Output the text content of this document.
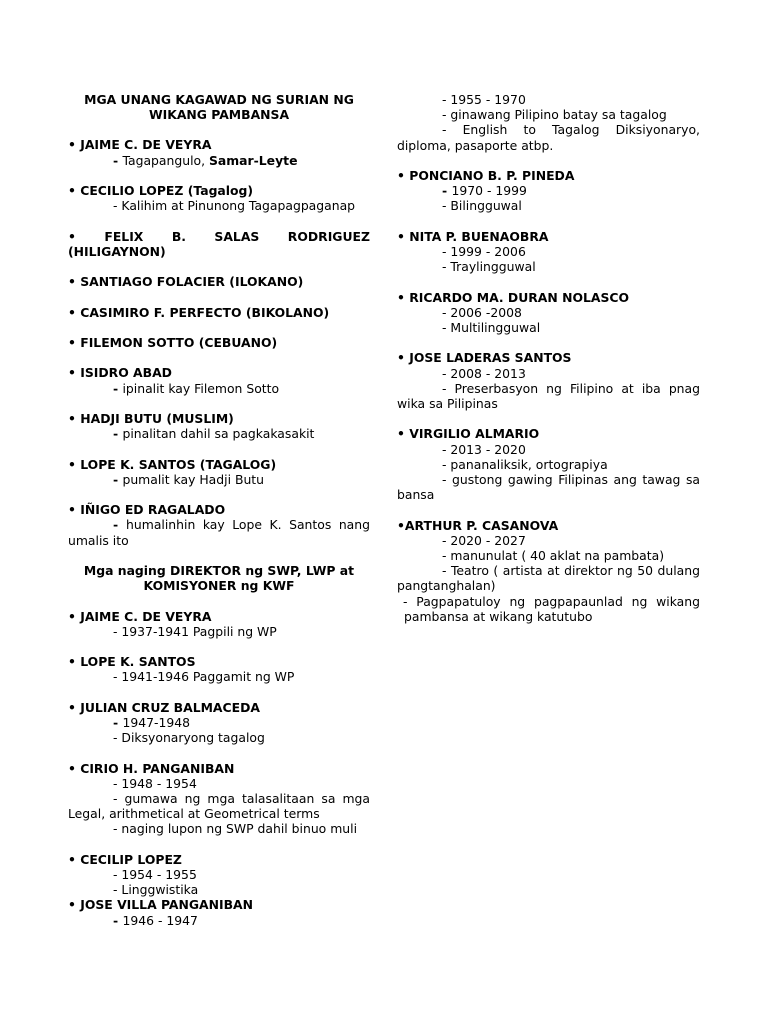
MGA UNANG KAGAWAD NG SURIAN NG
WIKANG PAMBANSA
• JAIME C. DE VEYRA
- Tagapangulo, Samar-Leyte
• CECILIO LOPEZ (Tagalog)
- Kalihim at Pinunong Tagapagpaganap
• FELIX B. SALAS RODRIGUEZ
(HILIGAYNON)
• SANTIAGO FOLACIER (ILOKANO)
• CASIMIRO F. PERFECTO (BIKOLANO)
• FILEMON SOTTO (CEBUANO)
• ISIDRO ABAD
- ipinalit kay Filemon Sotto
• HADJI BUTU (MUSLIM)
- pinalitan dahil sa pagkakasakit
• LOPE K. SANTOS (TAGALOG)
- pumalit kay Hadji Butu
• IÑIGO ED RAGALADO
- humalinhin kay Lope K. Santos nang umalis ito
Mga naging DIREKTOR ng SWP, LWP at
KOMISYONER ng KWF
• JAIME C. DE VEYRA
- 1937-1941 Pagpili ng WP
• LOPE K. SANTOS
- 1941-1946 Paggamit ng WP
• JULIAN CRUZ BALMACEDA
- 1947-1948
- Diksyonaryong tagalog
• CIRIO H. PANGANIBAN
- 1948 - 1954
- gumawa ng mga talasalitaan sa mga Legal, arithmetical at Geometrical terms
- naging lupon ng SWP dahil binuo muli
• CECILIP LOPEZ
- 1954 - 1955
- Linggwistika
• JOSE VILLA PANGANIBAN
- 1946 - 1947
- 1955 - 1970
- ginawang Pilipino batay sa tagalog
- English to Tagalog Diksiyonaryo, diploma, pasaporte atbp.
• PONCIANO B. P. PINEDA
- 1970 - 1999
- Bilingguwal
• NITA P. BUENAOBRA
- 1999 - 2006
- Traylingguwal
• RICARDO MA. DURAN NOLASCO
- 2006 -2008
- Multilingguwal
• JOSE LADERAS SANTOS
- 2008 - 2013
- Preserbasyon ng Filipino at iba pnag wika sa Pilipinas
• VIRGILIO ALMARIO
- 2013 - 2020
- pananaliksik, ortograpiya
- gustong gawing Filipinas ang tawag sa bansa
•ARTHUR P. CASANOVA
- 2020 - 2027
- manunulat ( 40 aklat na pambata)
- Teatro ( artista at direktor ng 50 dulang pangtanghalan)
- Pagpapatuloy ng pagpapaunlad ng wikang pambansa at wikang katutubo
